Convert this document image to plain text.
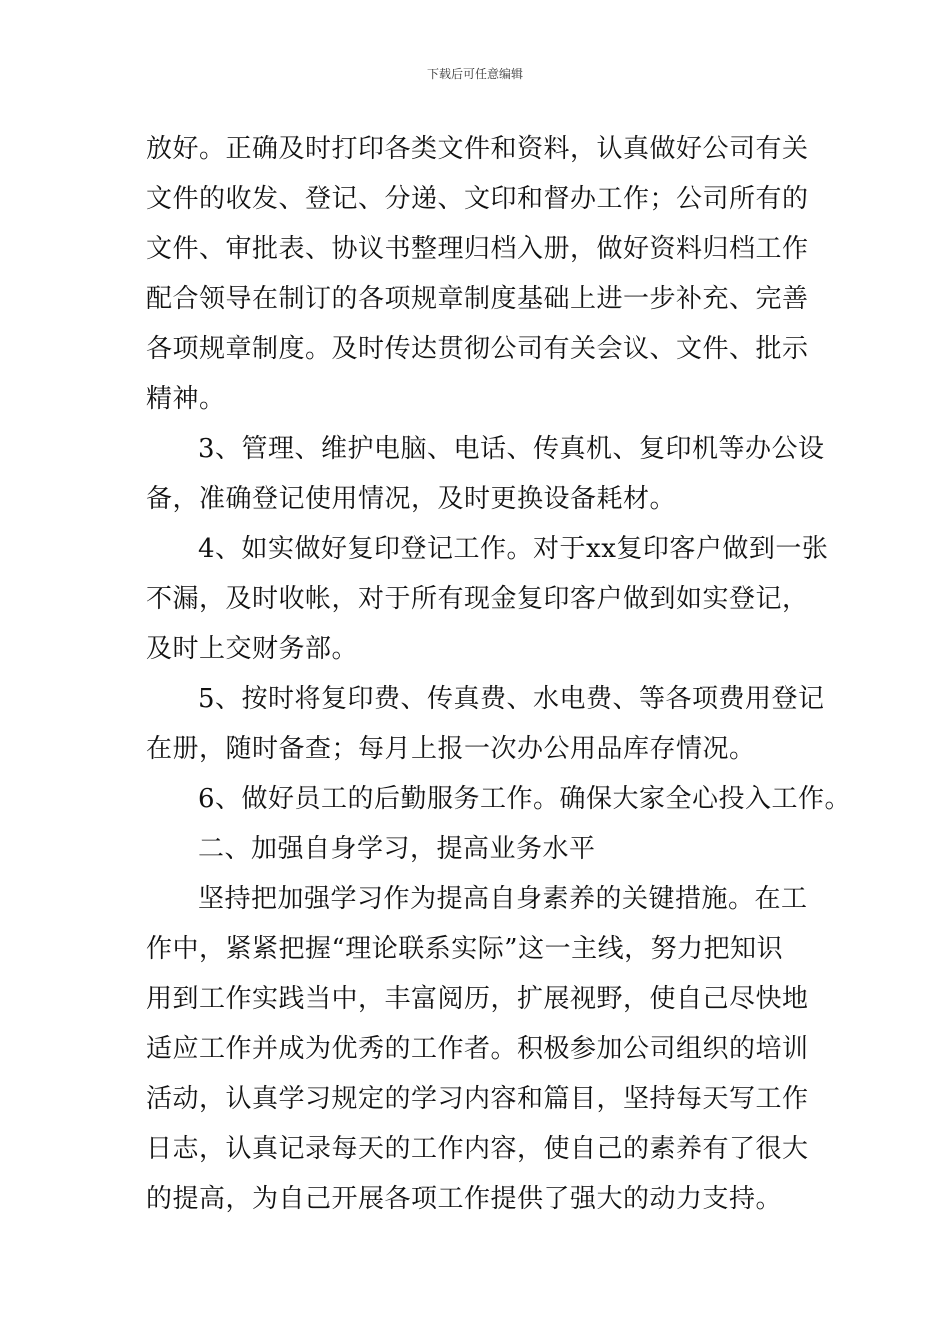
下载后可任意编辑
放好。正确及时打印各类文件和资料，认真做好公司有关
文件的收发、登记、分递、文印和督办工作；公司所有的
文件、审批表、协议书整理归档入册，做好资料归档工作
配合领导在制订的各项规章制度基础上进一步补充、完善
各项规章制度。及时传达贯彻公司有关会议、文件、批示
精神。
3、管理、维护电脑、电话、传真机、复印机等办公设
备，准确登记使用情况，及时更换设备耗材。
4、如实做好复印登记工作。对于xx复印客户做到一张
不漏，及时收帐，对于所有现金复印客户做到如实登记，
及时上交财务部。
5、按时将复印费、传真费、水电费、等各项费用登记
在册，随时备查；每月上报一次办公用品库存情况。
6、做好员工的后勤服务工作。确保大家全心投入工作。
二、加强自身学习，提高业务水平
坚持把加强学习作为提高自身素养的关键措施。在工
作中，紧紧把握“理论联系实际”这一主线，努力把知识
用到工作实践当中，丰富阅历，扩展视野，使自己尽快地
适应工作并成为优秀的工作者。积极参加公司组织的培训
活动，认真学习规定的学习内容和篇目，坚持每天写工作
日志，认真记录每天的工作内容，使自己的素养有了很大
的提高，为自己开展各项工作提供了强大的动力支持。
